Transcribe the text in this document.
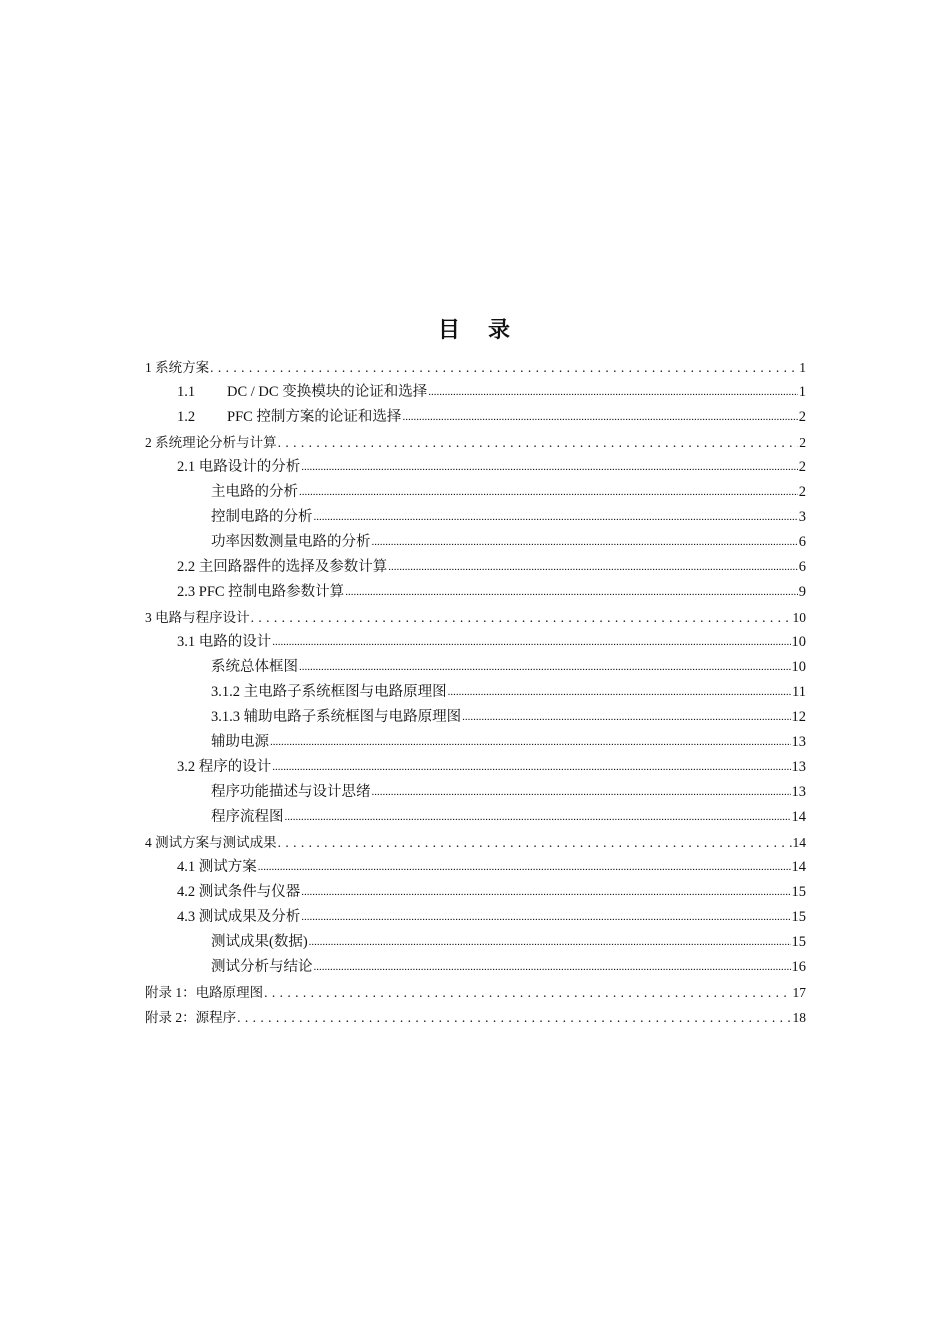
目 录
1 系统方案 . . .	1
1.1 DC / DC 变换模块的论证和选择 .....	1
1.2 PFC 控制方案的论证和选择 .....	2
2 系统理论分析与计算 . . .	2
2.1 电路设计的分析 .....	2
主电路的分析 .....	2
控制电路的分析 .....	3
功率因数测量电路的分析 .....	6
2.2 主回路器件的选择及参数计算 .....	6
2.3 PFC 控制电路参数计算 .....	9
3 电路与程序设计 . . .	10
3.1 电路的设计 .....	10
系统总体框图 .....	10
3.1.2 主电路子系统框图与电路原理图 .....	11
3.1.3 辅助电路子系统框图与电路原理图 .....	12
辅助电源 .....	13
3.2 程序的设计 .....	13
程序功能描述与设计思绪 .....	13
程序流程图 .....	14
4 测试方案与测试成果 . . .	14
4.1 测试方案 .....	14
4.2 测试条件与仪器 .....	15
4.3 测试成果及分析 .....	15
测试成果(数据) .....	15
测试分析与结论 .....	16
附录 1：电路原理图 . . .	17
附录 2：源程序 . . .	18
